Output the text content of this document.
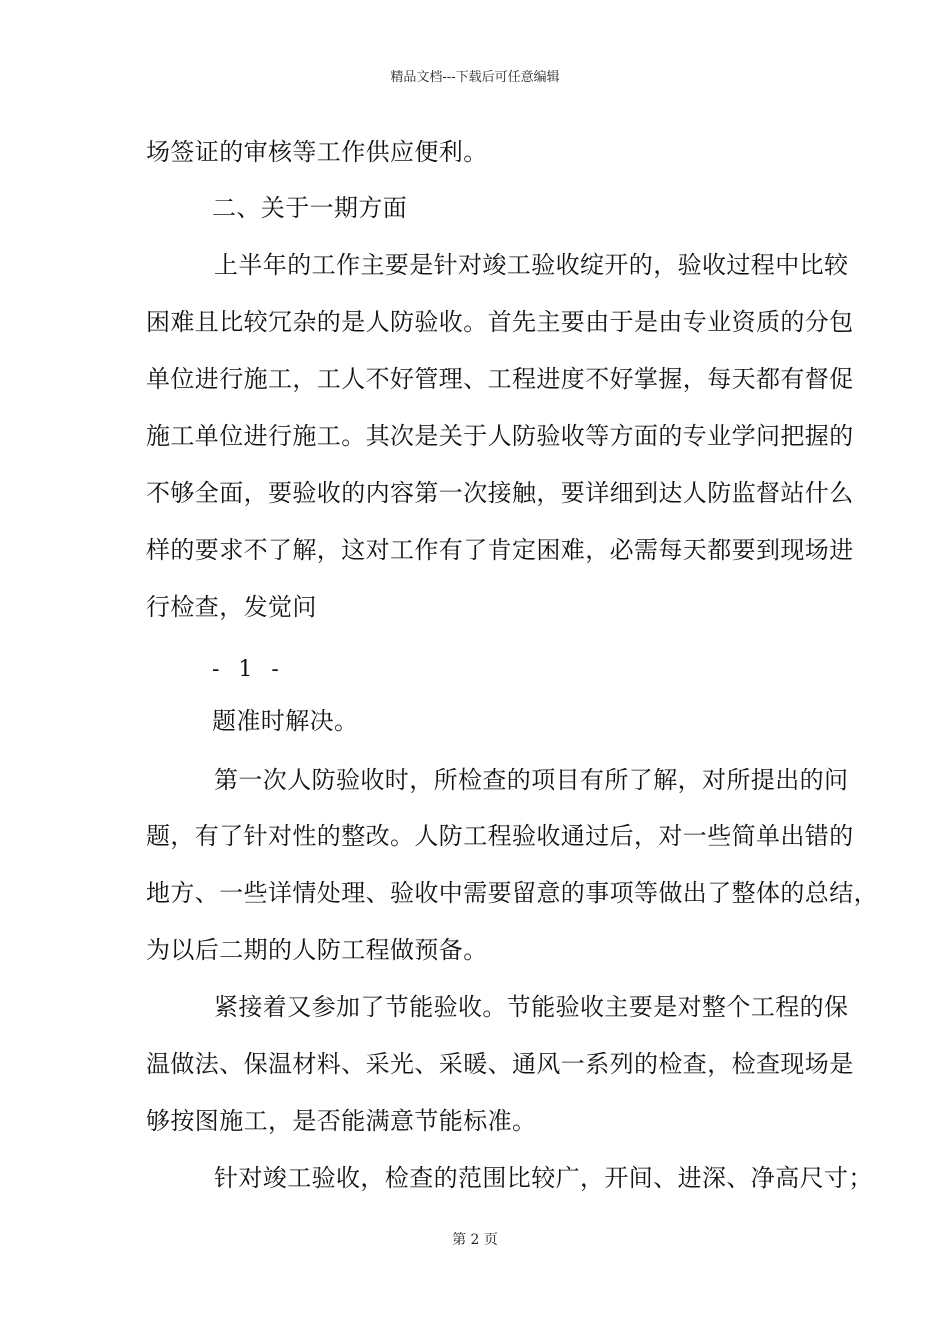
精品文档---下载后可任意编辑
场签证的审核等工作供应便利。
二、关于一期方面
上半年的工作主要是针对竣工验收绽开的，验收过程中比较
困难且比较冗杂的是人防验收。首先主要由于是由专业资质的分包
单位进行施工，工人不好管理、工程进度不好掌握，每天都有督促
施工单位进行施工。其次是关于人防验收等方面的专业学问把握的
不够全面，要验收的内容第一次接触，要详细到达人防监督站什么
样的要求不了解，这对工作有了肯定困难，必需每天都要到现场进
行检查，发觉问
- 1 -
题准时解决。
第一次人防验收时，所检查的项目有所了解，对所提出的问
题，有了针对性的整改。人防工程验收通过后，对一些简单出错的
地方、一些详情处理、验收中需要留意的事项等做出了整体的总结，
为以后二期的人防工程做预备。
紧接着又参加了节能验收。节能验收主要是对整个工程的保
温做法、保温材料、采光、采暖、通风一系列的检查，检查现场是
够按图施工，是否能满意节能标准。
针对竣工验收，检查的范围比较广，开间、进深、净高尺寸；
第 2 页
